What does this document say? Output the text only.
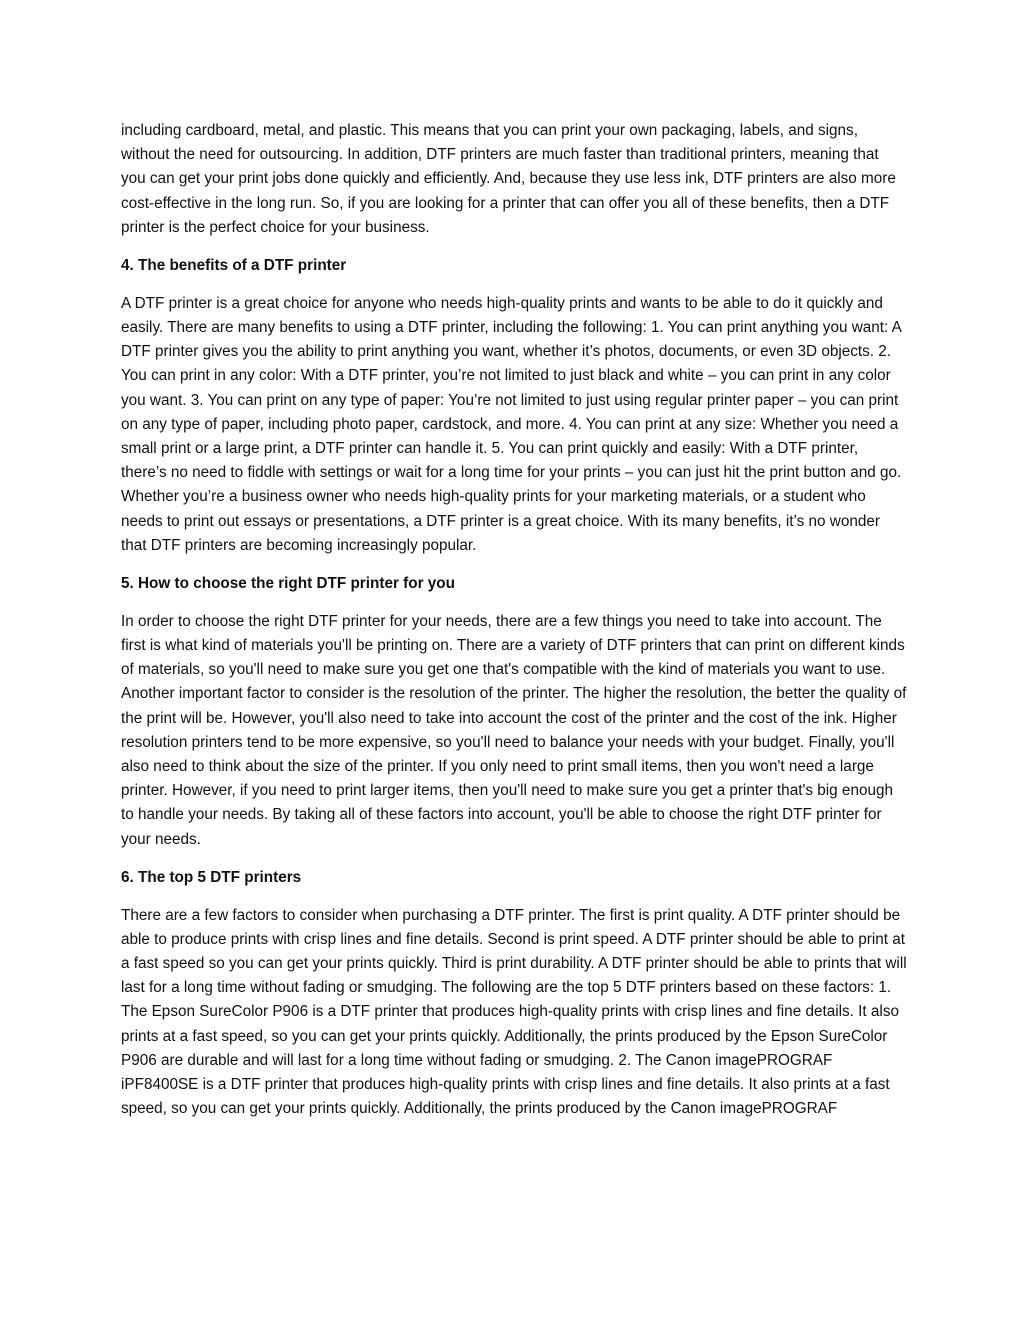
including cardboard, metal, and plastic. This means that you can print your own packaging, labels, and signs, without the need for outsourcing. In addition, DTF printers are much faster than traditional printers, meaning that you can get your print jobs done quickly and efficiently. And, because they use less ink, DTF printers are also more cost-effective in the long run. So, if you are looking for a printer that can offer you all of these benefits, then a DTF printer is the perfect choice for your business.

4. The benefits of a DTF printer

A DTF printer is a great choice for anyone who needs high-quality prints and wants to be able to do it quickly and easily. There are many benefits to using a DTF printer, including the following: 1. You can print anything you want: A DTF printer gives you the ability to print anything you want, whether it’s photos, documents, or even 3D objects. 2. You can print in any color: With a DTF printer, you’re not limited to just black and white – you can print in any color you want. 3. You can print on any type of paper: You’re not limited to just using regular printer paper – you can print on any type of paper, including photo paper, cardstock, and more. 4. You can print at any size: Whether you need a small print or a large print, a DTF printer can handle it. 5. You can print quickly and easily: With a DTF printer, there’s no need to fiddle with settings or wait for a long time for your prints – you can just hit the print button and go. Whether you’re a business owner who needs high-quality prints for your marketing materials, or a student who needs to print out essays or presentations, a DTF printer is a great choice. With its many benefits, it’s no wonder that DTF printers are becoming increasingly popular.

5. How to choose the right DTF printer for you

In order to choose the right DTF printer for your needs, there are a few things you need to take into account. The first is what kind of materials you'll be printing on. There are a variety of DTF printers that can print on different kinds of materials, so you'll need to make sure you get one that's compatible with the kind of materials you want to use. Another important factor to consider is the resolution of the printer. The higher the resolution, the better the quality of the print will be. However, you'll also need to take into account the cost of the printer and the cost of the ink. Higher resolution printers tend to be more expensive, so you'll need to balance your needs with your budget. Finally, you'll also need to think about the size of the printer. If you only need to print small items, then you won't need a large printer. However, if you need to print larger items, then you'll need to make sure you get a printer that's big enough to handle your needs. By taking all of these factors into account, you'll be able to choose the right DTF printer for your needs.

6. The top 5 DTF printers

There are a few factors to consider when purchasing a DTF printer. The first is print quality. A DTF printer should be able to produce prints with crisp lines and fine details. Second is print speed. A DTF printer should be able to print at a fast speed so you can get your prints quickly. Third is print durability. A DTF printer should be able to prints that will last for a long time without fading or smudging. The following are the top 5 DTF printers based on these factors: 1. The Epson SureColor P906 is a DTF printer that produces high-quality prints with crisp lines and fine details. It also prints at a fast speed, so you can get your prints quickly. Additionally, the prints produced by the Epson SureColor P906 are durable and will last for a long time without fading or smudging. 2. The Canon imagePROGRAF iPF8400SE is a DTF printer that produces high-quality prints with crisp lines and fine details. It also prints at a fast speed, so you can get your prints quickly. Additionally, the prints produced by the Canon imagePROGRAF
